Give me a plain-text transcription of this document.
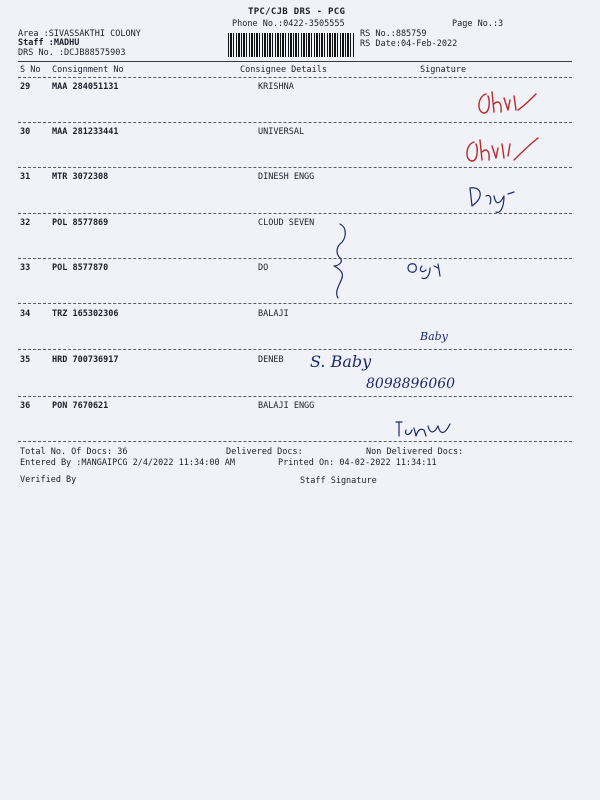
TPC/CJB DRS - PCG
Phone No.:0422-3505555	Page No.:3
Area :SIVASSAKTHI COLONY
Staff :MADHU
DRS No. :DCJB88575903
RS No.:885759
RS Date:04-Feb-2022
S No Consignment No	Consignee Details	Signature
29	MAA 284051131	KRISHNA
30	MAA 281233441	UNIVERSAL
31	MTR 3072308	DINESH ENGG
32	POL 8577869	CLOUD SEVEN
33	POL 8577870	DO
34	TRZ 165302306	BALAJI
35	HRD 700736917	DENEB
36	PON 7670621	BALAJI ENGG
Baby
S. Baby
8098896060
Total No. Of Docs: 36	Delivered Docs:	Non Delivered Docs:
Entered By :MANGAIPCG 2/4/2022 11:34:00 AM	Printed On: 04-02-2022 11:34:11
Verified By	Staff Signature
